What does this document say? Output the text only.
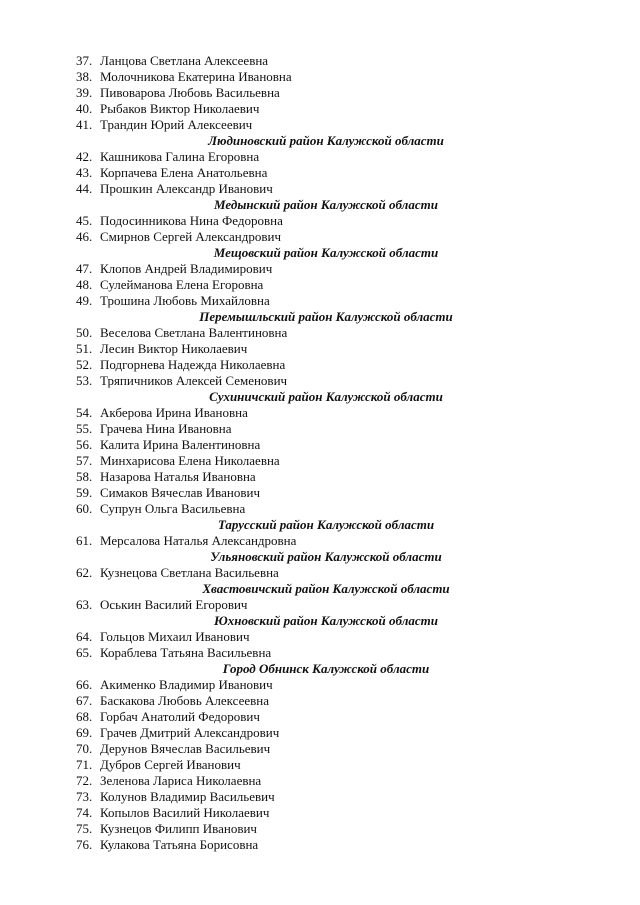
37. Ланцова Светлана Алексеевна
38. Молочникова Екатерина Ивановна
39. Пивоварова Любовь Васильевна
40. Рыбаков Виктор Николаевич
41. Трандин Юрий Алексеевич
Людиновский район Калужской области
42. Кашникова Галина Егоровна
43. Корпачева Елена Анатольевна
44. Прошкин Александр Иванович
Медынский район Калужской области
45. Подосинникова Нина Федоровна
46. Смирнов Сергей Александрович
Мещовский район Калужской области
47. Клопов Андрей Владимирович
48. Сулейманова Елена Егоровна
49. Трошина Любовь Михайловна
Перемышльский район Калужской области
50. Веселова Светлана Валентиновна
51. Лесин Виктор Николаевич
52. Подгорнева Надежда Николаевна
53. Тряпичников Алексей Семенович
Сухиничский район Калужской области
54. Акберова Ирина Ивановна
55. Грачева Нина Ивановна
56. Калита Ирина Валентиновна
57. Минхарисова Елена Николаевна
58. Назарова Наталья Ивановна
59. Симаков Вячеслав Иванович
60. Супрун Ольга Васильевна
Тарусский район Калужской области
61. Мерсалова Наталья Александровна
Ульяновский район Калужской области
62. Кузнецова Светлана Васильевна
Хвастовичский район Калужской области
63. Оськин Василий Егорович
Юхновский район Калужской области
64. Гольцов Михаил Иванович
65. Кораблева Татьяна Васильевна
Город Обнинск Калужской области
66. Акименко Владимир Иванович
67. Баскакова Любовь Алексеевна
68. Горбач Анатолий Федорович
69. Грачев Дмитрий Александрович
70. Дерунов Вячеслав Васильевич
71. Дубров Сергей Иванович
72. Зеленова Лариса Николаевна
73. Колунов Владимир Васильевич
74. Копылов Василий Николаевич
75. Кузнецов Филипп Иванович
76. Кулакова Татьяна Борисовна
